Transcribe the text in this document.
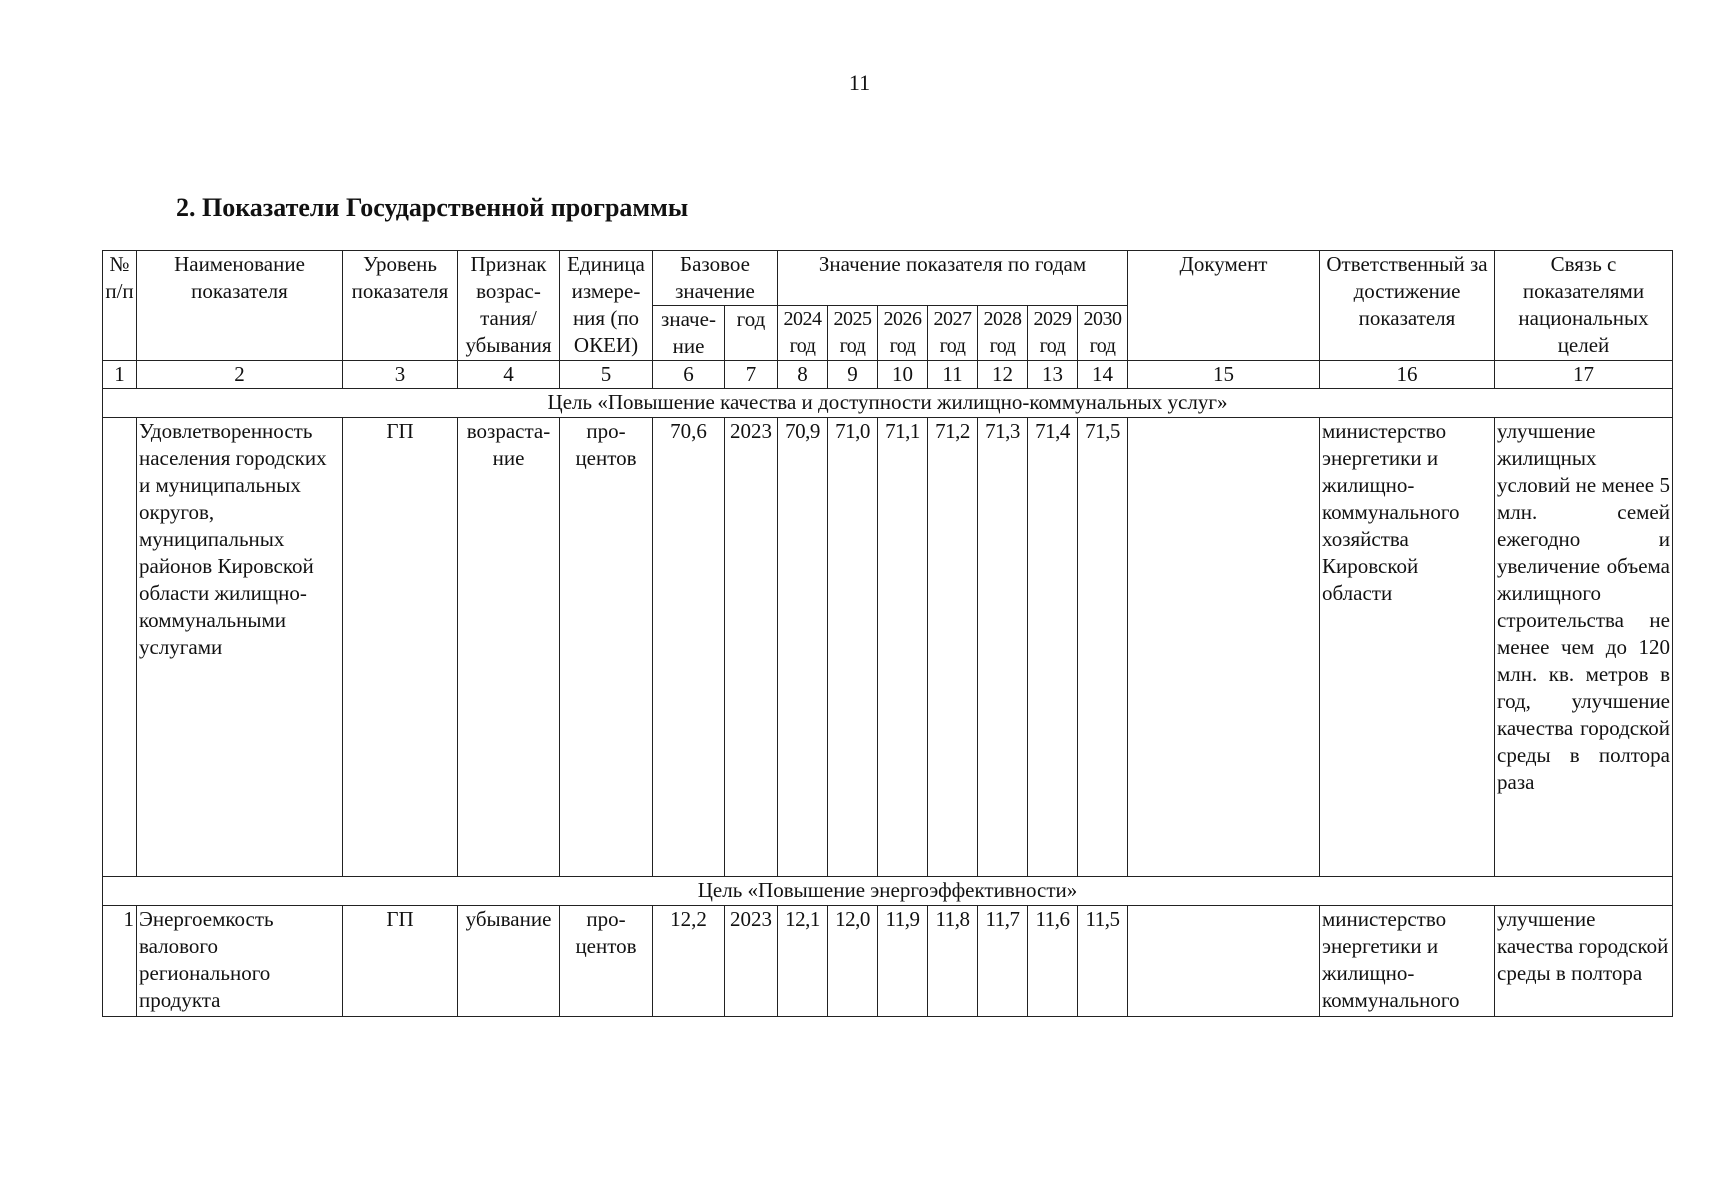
11
2. Показатели Государственной программы
№ п/п	Наименование показателя	Уровень показателя	Признак возрас-тания/ убывания	Единица измере-ния (по ОКЕИ)	Базовое значение		Значение показателя по годам							Документ	Ответственный за достижение показателя	Связь с показателями национальных целей
					значе-ние	год	2024 год	2025 год	2026 год	2027 год	2028 год	2029 год	2030 год			
1	2	3	4	5	6	7	8	9	10	11	12	13	14	15	16	17
Цель «Повышение качества и доступности жилищно-коммунальных услуг»																
	Удовлетворенность населения городских и муниципальных округов, муниципальных районов Кировской области жилищно-коммунальными услугами	ГП	возраста-ние	про-центов	70,6	2023	70,9	71,0	71,1	71,2	71,3	71,4	71,5		министерство энергетики и жилищно-коммунального хозяйства Кировской области	улучшение жилищных условий не менее 5 млн. семей ежегодно и увеличение объема жилищного строительства не менее чем до 120 млн. кв. метров в год, улучшение качества городской среды в полтора раза
Цель «Повышение энергоэффективности»																
1	Энергоемкость валового регионального продукта	ГП	убывание	про-центов	12,2	2023	12,1	12,0	11,9	11,8	11,7	11,6	11,5		министерство энергетики и жилищно-коммунального	улучшение качества городской среды в полтора
